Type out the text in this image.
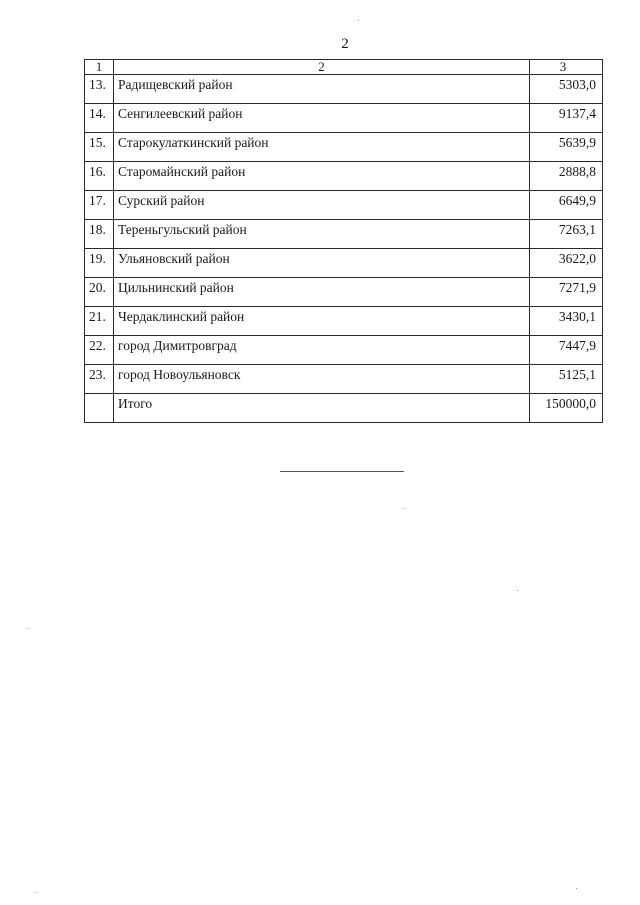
2
1	2	3
13.	Радищевский район	5303,0
14.	Сенгилеевский район	9137,4
15.	Старокулаткинский район	5639,9
16.	Старомайнский район	2888,8
17.	Сурский район	6649,9
18.	Тереньгульский район	7263,1
19.	Ульяновский район	3622,0
20.	Цильнинский район	7271,9
21.	Чердаклинский район	3430,1
22.	город Димитровград	7447,9
23.	город Новоульяновск	5125,1
	Итого	150000,0
